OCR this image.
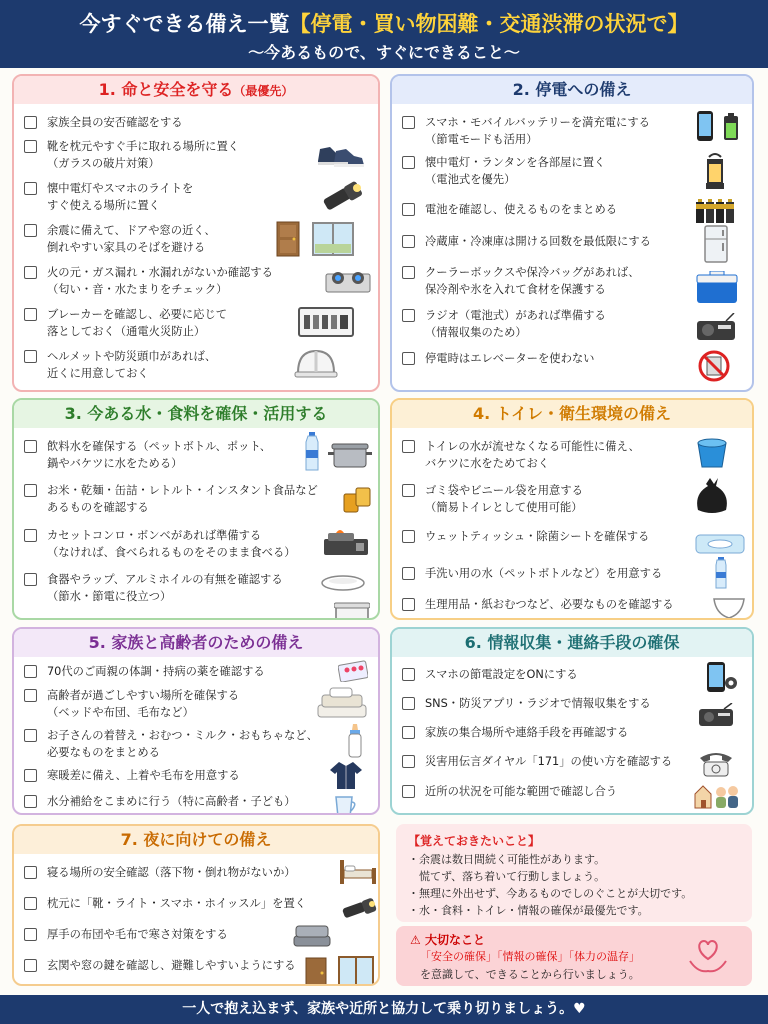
今すぐできる備え一覧【停電・買い物困難・交通渋滞の状況で】
〜今あるもので、すぐにできること〜
1. 命と安全を守る（最優先）
家族全員の安否確認をする
靴を枕元やすぐ手に取れる場所に置く
（ガラスの破片対策）
懐中電灯やスマホのライトを
すぐ使える場所に置く
余震に備えて、ドアや窓の近く、
倒れやすい家具のそばを避ける
火の元・ガス漏れ・水漏れがないか確認する
（匂い・音・水たまりをチェック）
ブレーカーを確認し、必要に応じて
落としておく（通電火災防止）
ヘルメットや防災頭巾があれば、
近くに用意しておく
2. 停電への備え
スマホ・モバイルバッテリーを満充電にする
（節電モードも活用）
懐中電灯・ランタンを各部屋に置く
（電池式を優先）
電池を確認し、使えるものをまとめる
冷蔵庫・冷凍庫は開ける回数を最低限にする
クーラーボックスや保冷バッグがあれば、
保冷剤や氷を入れて食材を保護する
ラジオ（電池式）があれば準備する
（情報収集のため）
停電時はエレベーターを使わない
3. 今ある水・食料を確保・活用する
飲料水を確保する（ペットボトル、ポット、
鍋やバケツに水をためる）
お米・乾麺・缶詰・レトルト・インスタント食品など
あるものを確認する
カセットコンロ・ボンベがあれば準備する
（なければ、食べられるものをそのまま食べる）
食器やラップ、アルミホイルの有無を確認する
（節水・節電に役立つ）
4. トイレ・衛生環境の備え
トイレの水が流せなくなる可能性に備え、
バケツに水をためておく
ゴミ袋やビニール袋を用意する
（簡易トイレとして使用可能）
ウェットティッシュ・除菌シートを確保する
手洗い用の水（ペットボトルなど）を用意する
生理用品・紙おむつなど、必要なものを確認する
5. 家族と高齢者のための備え
70代のご両親の体調・持病の薬を確認する
高齢者が過ごしやすい場所を確保する
（ベッドや布団、毛布など）
お子さんの着替え・おむつ・ミルク・おもちゃなど、
必要なものをまとめる
寒暖差に備え、上着や毛布を用意する
水分補給をこまめに行う（特に高齢者・子ども）
6. 情報収集・連絡手段の確保
スマホの節電設定をONにする
SNS・防災アプリ・ラジオで情報収集をする
家族の集合場所や連絡手段を再確認する
災害用伝言ダイヤル「171」の使い方を確認する
近所の状況を可能な範囲で確認し合う
7. 夜に向けての備え
寝る場所の安全確認（落下物・倒れ物がないか）
枕元に「靴・ライト・スマホ・ホイッスル」を置く
厚手の布団や毛布で寒さ対策をする
玄関や窓の鍵を確認し、避難しやすいようにする
【覚えておきたいこと】
・余震は数日間続く可能性があります。
　慌てず、落ち着いて行動しましょう。
・無理に外出せず、今あるものでしのぐことが大切です。
・水・食料・トイレ・情報の確保が最優先です。
⚠ 大切なこと
「安全の確保」「情報の確保」「体力の温存」
を意識して、できることから行いましょう。
一人で抱え込まず、家族や近所と協力して乗り切りましょう。♥
